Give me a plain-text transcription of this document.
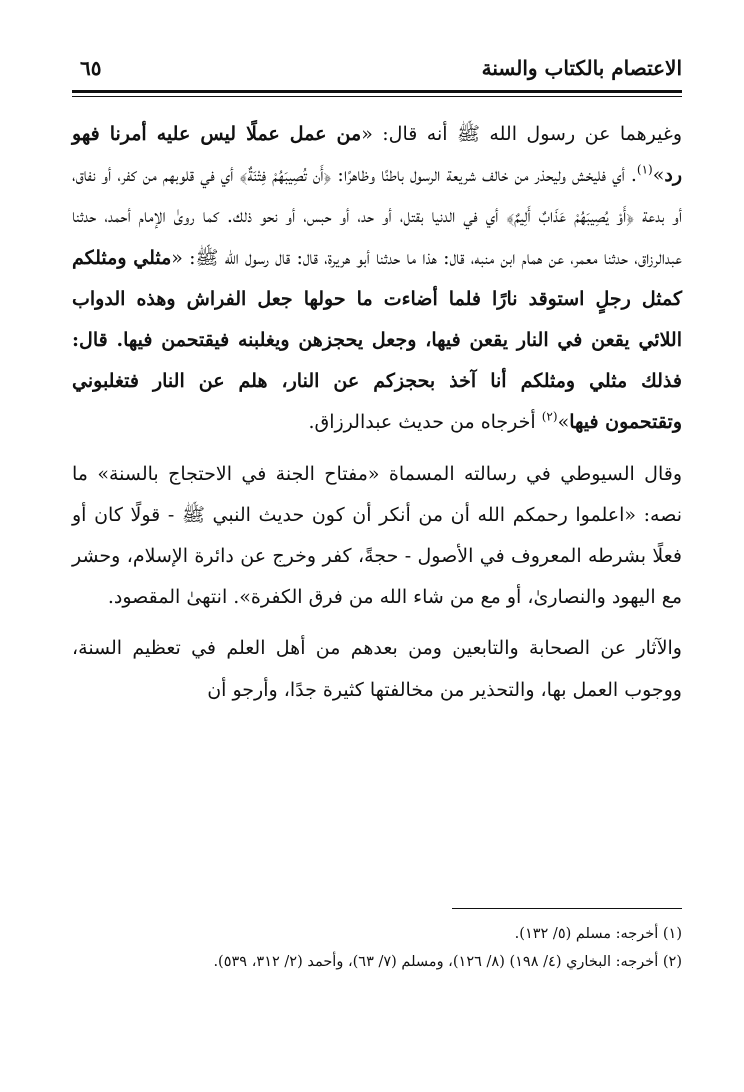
الاعتصام بالكتاب والسنة
٦٥

وغيرهما عن رسول الله ﷺ أنه قال: «من عمل عملًا ليس عليه أمرنا فهو رد»$^{(١)}$. أي فليخش وليحذر من خالف شريعة الرسول باطنًا وظاهرًا: ﴿أَن تُصِيبَهُمْ فِتْنَةٌ﴾ أي في قلوبهم من كفر، أو نفاق، أو بدعة ﴿أَوْ يُصِيبَهُمْ عَذَابٌ أَلِيمٌ﴾ أي في الدنيا بقتل، أو حد، أو حبس، أو نحو ذلك. كما روىٰ الإمام أحمد، حدثنا عبدالرزاق، حدثنا معمر، عن همام ابن منبه، قال: هذا ما حدثنا أبو هريرة، قال: قال رسول الله ﷺ: «مثلي ومثلكم كمثل رجلٍ استوقد نارًا فلما أضاءت ما حولها جعل الفراش وهذه الدواب اللائي يقعن في النار يقعن فيها، وجعل يحجزهن ويغلبنه فيقتحمن فيها. قال: فذلك مثلي ومثلكم أنا آخذ بحجزكم عن النار، هلم عن النار فتغلبوني وتقتحمون فيها»$^{(٢)}$ أخرجاه من حديث عبدالرزاق.

وقال السيوطي في رسالته المسماة «مفتاح الجنة في الاحتجاج بالسنة» ما نصه: «اعلموا رحمكم الله أن من أنكر أن كون حديث النبي ﷺ - قولًا كان أو فعلًا بشرطه المعروف في الأصول - حجةً، كفر وخرج عن دائرة الإسلام، وحشر مع اليهود والنصارىٰ، أو مع من شاء الله من فرق الكفرة». انتهىٰ المقصود.

والآثار عن الصحابة والتابعين ومن بعدهم من أهل العلم في تعظيم السنة، ووجوب العمل بها، والتحذير من مخالفتها كثيرة جدًا، وأرجو أن

(١) أخرجه: مسلم (٥/ ١٣٢).

(٢) أخرجه: البخاري (٤/ ١٩٨) (٨/ ١٢٦)، ومسلم (٧/ ٦٣)، وأحمد (٢/ ٣١٢، ٥٣٩).
